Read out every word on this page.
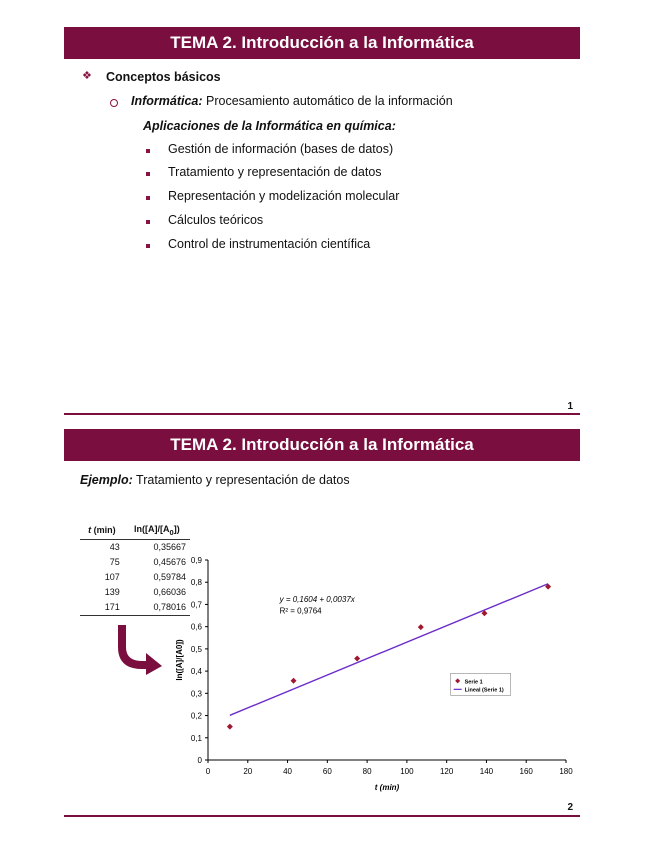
TEMA 2. Introducción a la Informática
❖ Conceptos básicos
Informática: Procesamiento automático de la información
Aplicaciones de la Informática en química:
Gestión de información (bases de datos)
Tratamiento y representación de datos
Representación y modelización molecular
Cálculos teóricos
Control de instrumentación científica
1
TEMA 2. Introducción a la Informática
Ejemplo: Tratamiento y representación de datos
t (min)	$\ln([A]/[A_0])$
43	0,35667
75	0,45676
107	0,59784
139	0,66036
171	0,78016
0
0,1
0,2
0,3
0,4
0,5
0,6
0,7
0,8
0,9
0	20	40	60	80	100	120	140	160	180
t (min)
ln([A]/[A0])
y = 0,1604 + 0,0037x
R² = 0,9764
Serie 1
Lineal (Serie 1)
2
